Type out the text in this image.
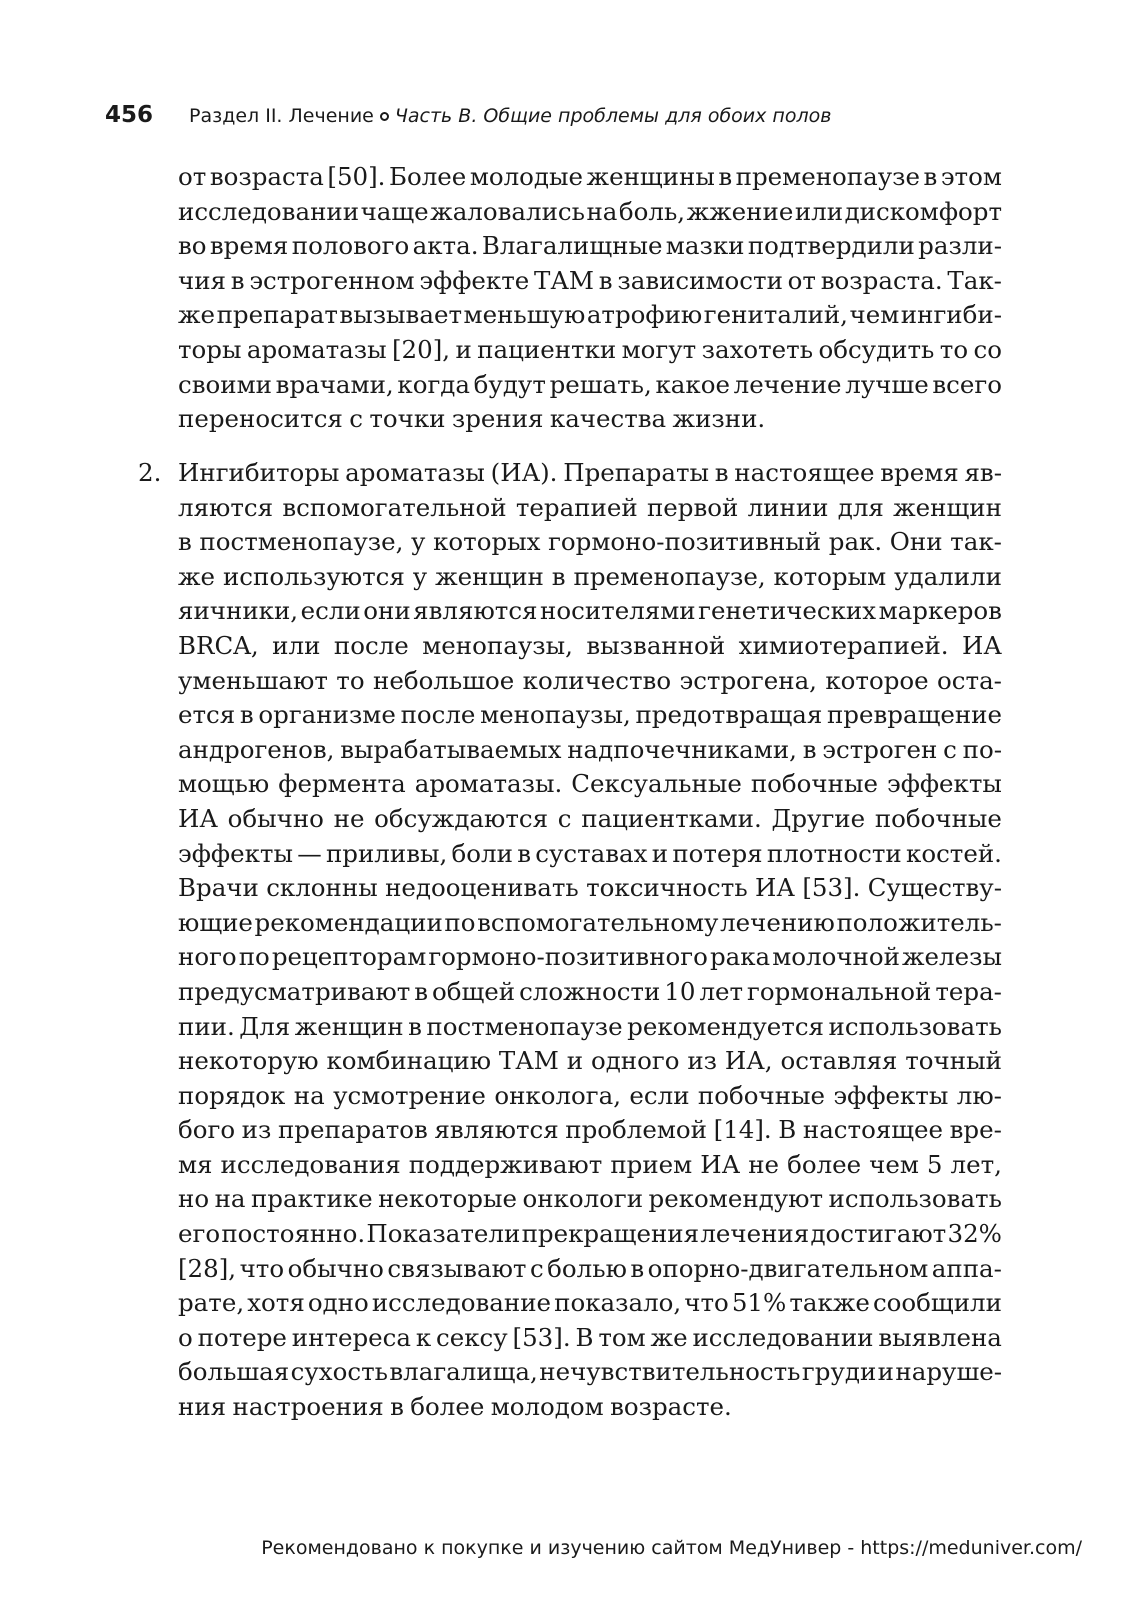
456 Раздел II. Лечение Часть B. Общие проблемы для обоих полов
от возраста [50]. Более молодые женщины в пременопаузе в этом
исследовании чаще жаловались на боль, жжение или дискомфорт
во время полового акта. Влагалищные мазки подтвердили разли-
чия в эстрогенном эффекте ТАМ в зависимости от возраста. Так-
же препарат вызывает меньшую атрофию гениталий, чем ингиби-
торы ароматазы [20], и пациентки могут захотеть обсудить то со
своими врачами, когда будут решать, какое лечение лучше всего
переносится с точки зрения качества жизни.
2. Ингибиторы ароматазы (ИА). Препараты в настоящее время яв-
ляются вспомогательной терапией первой линии для женщин
в постменопаузе, у которых гормоно-позитивный рак. Они так-
же используются у женщин в пременопаузе, которым удалили
яичники, если они являются носителями генетических маркеров
BRCA, или после менопаузы, вызванной химиотерапией. ИА
уменьшают то небольшое количество эстрогена, которое оста-
ется в организме после менопаузы, предотвращая превращение
андрогенов, вырабатываемых надпочечниками, в эстроген с по-
мощью фермента ароматазы. Сексуальные побочные эффекты
ИА обычно не обсуждаются с пациентками. Другие побочные
эффекты — приливы, боли в суставах и потеря плотности костей.
Врачи склонны недооценивать токсичность ИА [53]. Существу-
ющие рекомендации по вспомогательному лечению положитель-
ного по рецепторам гормоно-позитивного рака молочной железы
предусматривают в общей сложности 10 лет гормональной тера-
пии. Для женщин в постменопаузе рекомендуется использовать
некоторую комбинацию ТАМ и одного из ИА, оставляя точный
порядок на усмотрение онколога, если побочные эффекты лю-
бого из препаратов являются проблемой [14]. В настоящее вре-
мя исследования поддерживают прием ИА не более чем 5 лет,
но на практике некоторые онкологи рекомендуют использовать
его постоянно. Показатели прекращения лечения достигают 32%
[28], что обычно связывают с болью в опорно-двигательном аппа-
рате, хотя одно исследование показало, что 51% также сообщили
о потере интереса к сексу [53]. В том же исследовании выявлена
большая сухость влагалища, нечувствительность груди и наруше-
ния настроения в более молодом возрасте.
Рекомендовано к покупке и изучению сайтом МедУнивер - https://meduniver.com/
